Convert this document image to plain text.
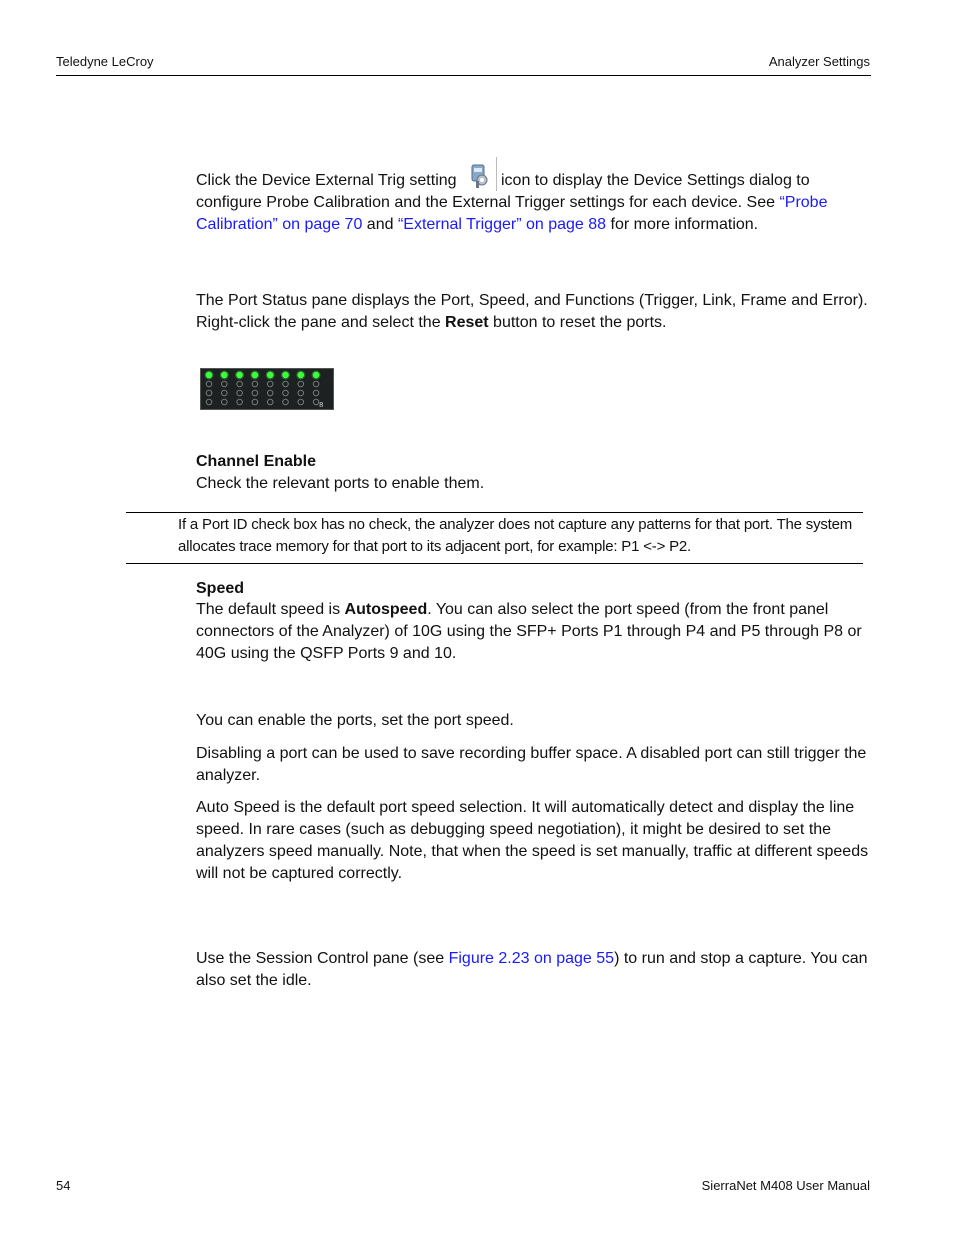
Teledyne LeCroy	Analyzer Settings

Click the Device External Trig setting	icon to display the Device Settings dialog to configure Probe Calibration and the External Trigger settings for each device. See “Probe Calibration” on page 70 and “External Trigger” on page 88 for more information.

The Port Status pane displays the Port, Speed, and Functions (Trigger, Link, Frame and Error). Right-click the pane and select the Reset button to reset the ports.

8

Channel Enable

Check the relevant ports to enable them.

If a Port ID check box has no check, the analyzer does not capture any patterns for that port. The system allocates trace memory for that port to its adjacent port, for example: P1 <-> P2.

Speed

The default speed is Autospeed. You can also select the port speed (from the front panel connectors of the Analyzer) of 10G using the SFP+ Ports P1 through P4 and P5 through P8 or 40G using the QSFP Ports 9 and 10.

You can enable the ports, set the port speed.

Disabling a port can be used to save recording buffer space. A disabled port can still trigger the analyzer.

Auto Speed is the default port speed selection. It will automatically detect and display the line speed. In rare cases (such as debugging speed negotiation), it might be desired to set the analyzers speed manually. Note, that when the speed is set manually, traffic at different speeds will not be captured correctly.

Use the Session Control pane (see Figure 2.23 on page 55) to run and stop a capture. You can also set the idle.

54	SierraNet M408 User Manual
